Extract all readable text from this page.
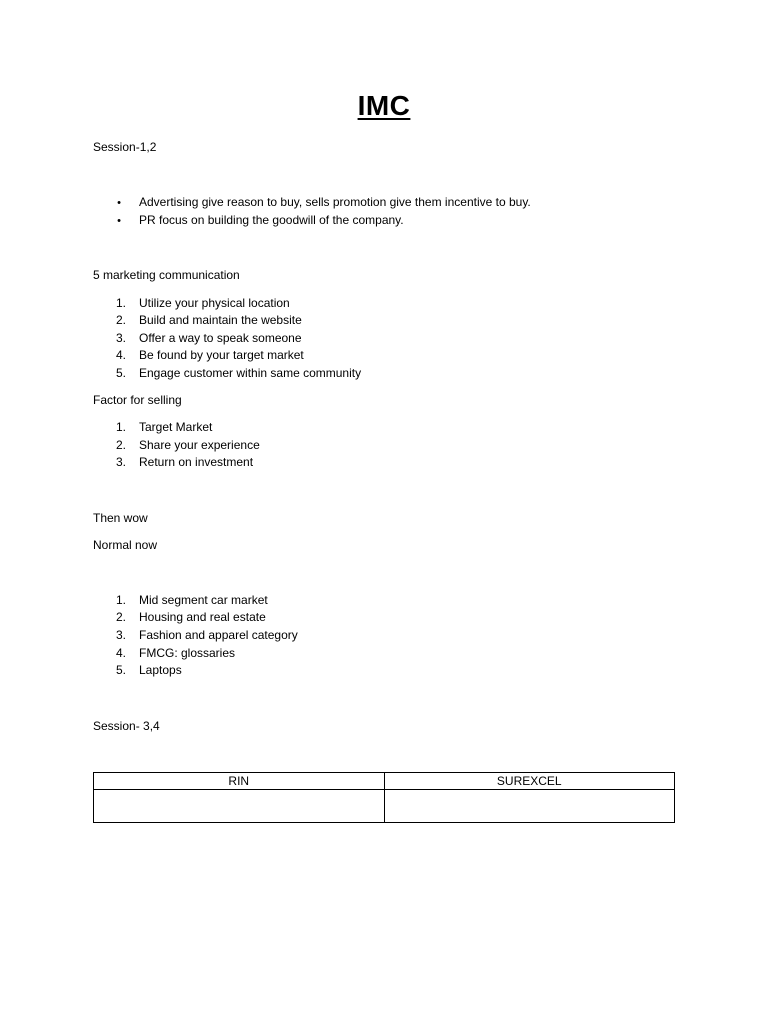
IMC
Session-1,2
• Advertising give reason to buy, sells promotion give them incentive to buy.
• PR focus on building the goodwill of the company.
5 marketing communication
1. Utilize your physical location
2. Build and maintain the website
3. Offer a way to speak someone
4. Be found by your target market
5. Engage customer within same community
Factor for selling
1. Target Market
2. Share your experience
3. Return on investment
Then wow
Normal now
1. Mid segment car market
2. Housing and real estate
3. Fashion and apparel category
4. FMCG: glossaries
5. Laptops
Session- 3,4
RIN	SUREXCEL
